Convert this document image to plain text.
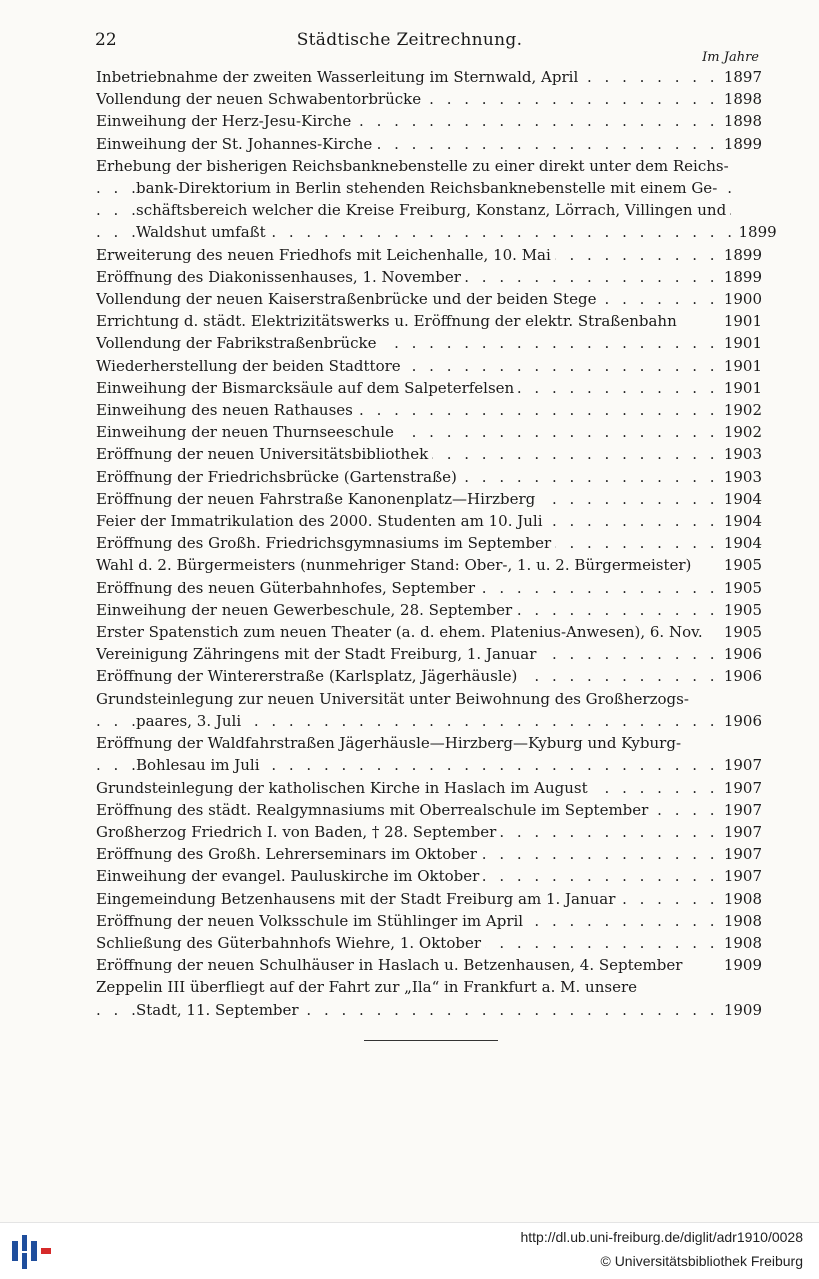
22	Städtische Zeitrechnung.
Im Jahre
Inbetriebnahme der zweiten Wasserleitung im Sternwald, April . . .	1897
Vollendung der neuen Schwabentorbrücke . . .	1898
Einweihung der Herz-Jesu-Kirche . . .	1898
Einweihung der St. Johannes-Kirche . . .	1899
Erhebung der bisherigen Reichsbanknebenstelle zu einer direkt unter dem Reichs-
bank-Direktorium in Berlin stehenden Reichsbanknebenstelle mit einem Ge- . . .
schäftsbereich welcher die Kreise Freiburg, Konstanz, Lörrach, Villingen und . . .
Waldshut umfaßt . . .	1899
Erweiterung des neuen Friedhofs mit Leichenhalle, 10. Mai . . .	1899
Eröffnung des Diakonissenhauses, 1. November . . .	1899
Vollendung der neuen Kaiserstraßenbrücke und der beiden Stege . . .	1900
Errichtung d. städt. Elektrizitätswerks u. Eröffnung der elektr. Straßenbahn	1901
Vollendung der Fabrikstraßenbrücke . . .	1901
Wiederherstellung der beiden Stadttore . . .	1901
Einweihung der Bismarcksäule auf dem Salpeterfelsen . . .	1901
Einweihung des neuen Rathauses . . .	1902
Einweihung der neuen Thurnseeschule . . .	1902
Eröffnung der neuen Universitätsbibliothek . . .	1903
Eröffnung der Friedrichsbrücke (Gartenstraße) . . .	1903
Eröffnung der neuen Fahrstraße Kanonenplatz—Hirzberg . . .	1904
Feier der Immatrikulation des 2000. Studenten am 10. Juli . . .	1904
Eröffnung des Großh. Friedrichsgymnasiums im September . . .	1904
Wahl d. 2. Bürgermeisters (nunmehriger Stand: Ober-, 1. u. 2. Bürgermeister)	1905
Eröffnung des neuen Güterbahnhofes, September . . .	1905
Einweihung der neuen Gewerbeschule, 28. September . . .	1905
Erster Spatenstich zum neuen Theater (a. d. ehem. Platenius-Anwesen), 6. Nov.	1905
Vereinigung Zähringens mit der Stadt Freiburg, 1. Januar . . .	1906
Eröffnung der Wintererstraße (Karlsplatz, Jägerhäusle) . . .	1906
Grundsteinlegung zur neuen Universität unter Beiwohnung des Großherzogs-
paares, 3. Juli . . .	1906
Eröffnung der Waldfahrstraßen Jägerhäusle—Hirzberg—Kyburg und Kyburg-
Bohlesau im Juli . . .	1907
Grundsteinlegung der katholischen Kirche in Haslach im August . . .	1907
Eröffnung des städt. Realgymnasiums mit Oberrealschule im September . . .	1907
Großherzog Friedrich I. von Baden, † 28. September . . .	1907
Eröffnung des Großh. Lehrerseminars im Oktober . . .	1907
Einweihung der evangel. Pauluskirche im Oktober . . .	1907
Eingemeindung Betzenhausens mit der Stadt Freiburg am 1. Januar . . .	1908
Eröffnung der neuen Volksschule im Stühlinger im April . . .	1908
Schließung des Güterbahnhofs Wiehre, 1. Oktober . . .	1908
Eröffnung der neuen Schulhäuser in Haslach u. Betzenhausen, 4. September	1909
Zeppelin III überfliegt auf der Fahrt zur „Ila“ in Frankfurt a. M. unsere
Stadt, 11. September . . .	1909
http://dl.ub.uni-freiburg.de/diglit/adr1910/0028
© Universitätsbibliothek Freiburg
